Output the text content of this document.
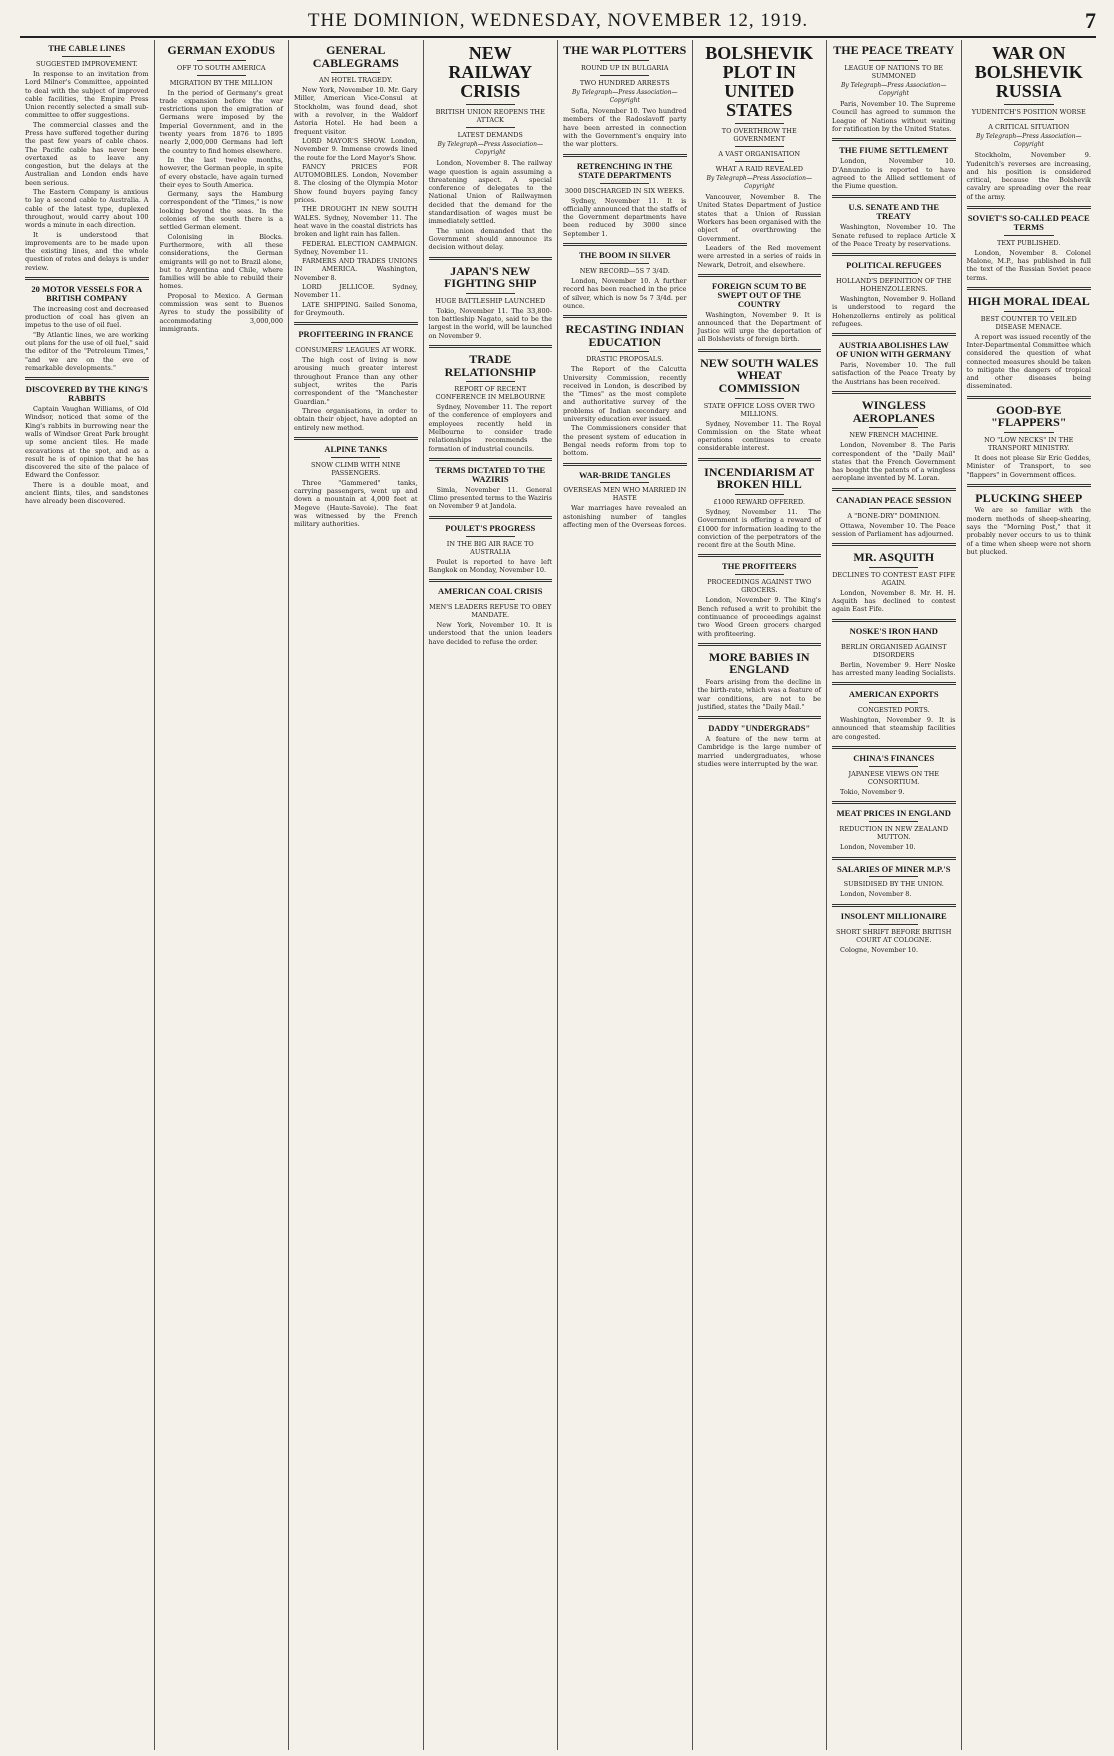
THE DOMINION, WEDNESDAY, NOVEMBER 12, 1919.	7
THE CABLE LINES
SUGGESTED IMPROVEMENT.

In response to an invitation from Lord Milner's Committee, appointed to deal with the subject of improved cable facilities, the Empire Press Union recently selected a small sub-committee to offer suggestions.

The commercial classes and the Press have suffered together during the past few years of cable chaos. The Pacific cable has never been overtaxed as to leave any congestion, but the delays at the Australian and London ends have been serious.

The Eastern Company is anxious to lay a second cable to Australia. A cable of the latest type, duplexed throughout, would carry about 100 words a minute in each direction.

It is understood that improvements are to be made upon the existing lines, and the whole question of rates and delays is under review.

20 MOTOR VESSELS FOR A BRITISH COMPANY

The increasing cost and decreased production of coal has given an impetus to the use of oil fuel.

"By Atlantic lines, we are working out plans for the use of oil fuel," said the editor of the "Petroleum Times," "and we are on the eve of remarkable developments."

DISCOVERED BY THE KING'S RABBITS

Captain Vaughan Williams, of Old Windsor, noticed that some of the King's rabbits in burrowing near the walls of Windsor Great Park brought up some ancient tiles. He made excavations at the spot, and as a result he is of opinion that he has discovered the site of the palace of Edward the Confessor.

There is a double moat, and ancient flints, tiles, and sandstones have already been discovered.

GERMAN EXODUS
OFF TO SOUTH AMERICA
MIGRATION BY THE MILLION

In the period of Germany's great trade expansion before the war restrictions upon the emigration of Germans were imposed by the Imperial Government, and in the twenty years from 1876 to 1895 nearly 2,000,000 Germans had left the country to find homes elsewhere.

In the last twelve months, however, the German people, in spite of every obstacle, have again turned their eyes to South America.

Germany, says the Hamburg correspondent of the "Times," is now looking beyond the seas. In the colonies of the south there is a settled German element.

Colonising in Blocks. Furthermore, with all these considerations, the German emigrants will go not to Brazil alone, but to Argentina and Chile, where families will be able to rebuild their homes.

Proposal to Mexico. A German commission was sent to Buenos Ayres to study the possibility of accommodating 3,000,000 immigrants.

GENERAL CABLEGRAMS
AN HOTEL TRAGEDY.

New York, November 10. Mr. Gary Miller, American Vice-Consul at Stockholm, was found dead, shot with a revolver, in the Waldorf Astoria Hotel. He had been a frequent visitor.

LORD MAYOR'S SHOW. London, November 9. Immense crowds lined the route for the Lord Mayor's Show.

FANCY PRICES FOR AUTOMOBILES. London, November 8. The closing of the Olympia Motor Show found buyers paying fancy prices.

THE DROUGHT IN NEW SOUTH WALES. Sydney, November 11. The heat wave in the coastal districts has broken and light rain has fallen.

FEDERAL ELECTION CAMPAIGN. Sydney, November 11.

FARMERS AND TRADES UNIONS IN AMERICA. Washington, November 8.

LORD JELLICOE. Sydney, November 11.

LATE SHIPPING. Sailed Sonoma, for Greymouth.

PROFITEERING IN FRANCE
CONSUMERS' LEAGUES AT WORK.

The high cost of living is now arousing much greater interest throughout France than any other subject, writes the Paris correspondent of the "Manchester Guardian."

Three organisations, in order to obtain their object, have adopted an entirely new method.

ALPINE TANKS
SNOW CLIMB WITH NINE PASSENGERS.

Three "Gammered" tanks, carrying passengers, went up and down a mountain at 4,000 feet at Megeve (Haute-Savoie). The feat was witnessed by the French military authorities.

NEW RAILWAY CRISIS
BRITISH UNION REOPENS THE ATTACK
LATEST DEMANDS
By Telegraph—Press Association—Copyright

London, November 8. The railway wage question is again assuming a threatening aspect. A special conference of delegates to the National Union of Railwaymen decided that the demand for the standardisation of wages must be immediately settled.

The union demanded that the Government should announce its decision without delay.

JAPAN'S NEW FIGHTING SHIP
HUGE BATTLESHIP LAUNCHED

Tokio, November 11. The 33,800-ton battleship Nagato, said to be the largest in the world, will be launched on November 9.

TRADE RELATIONSHIP
REPORT OF RECENT CONFERENCE IN MELBOURNE

Sydney, November 11. The report of the conference of employers and employees recently held in Melbourne to consider trade relationships recommends the formation of industrial councils.

TERMS DICTATED TO THE WAZIRIS

Simla, November 11. General Climo presented terms to the Waziris on November 9 at Jandola.

POULET'S PROGRESS
IN THE BIG AIR RACE TO AUSTRALIA

Poulet is reported to have left Bangkok on Monday, November 10.

AMERICAN COAL CRISIS
MEN'S LEADERS REFUSE TO OBEY MANDATE.

New York, November 10. It is understood that the union leaders have decided to refuse the order.

THE WAR PLOTTERS
ROUND UP IN BULGARIA
TWO HUNDRED ARRESTS
By Telegraph—Press Association—Copyright

Sofia, November 10. Two hundred members of the Radoslavoff party have been arrested in connection with the Government's enquiry into the war plotters.

RETRENCHING IN THE STATE DEPARTMENTS
3000 DISCHARGED IN SIX WEEKS.

Sydney, November 11. It is officially announced that the staffs of the Government departments have been reduced by 3000 since September 1.

THE BOOM IN SILVER
NEW RECORD—5S 7 3/4D.

London, November 10. A further record has been reached in the price of silver, which is now 5s 7 3/4d. per ounce.

RECASTING INDIAN EDUCATION
DRASTIC PROPOSALS.

The Report of the Calcutta University Commission, recently received in London, is described by the "Times" as the most complete and authoritative survey of the problems of Indian secondary and university education ever issued.

The Commissioners consider that the present system of education in Bengal needs reform from top to bottom.

WAR-BRIDE TANGLES
OVERSEAS MEN WHO MARRIED IN HASTE

War marriages have revealed an astonishing number of tangles affecting men of the Overseas forces.

BOLSHEVIK PLOT IN UNITED STATES
TO OVERTHROW THE GOVERNMENT
A VAST ORGANISATION
WHAT A RAID REVEALED
By Telegraph—Press Association—Copyright

Vancouver, November 8. The United States Department of Justice states that a Union of Russian Workers has been organised with the object of overthrowing the Government.

Leaders of the Red movement were arrested in a series of raids in Newark, Detroit, and elsewhere.

FOREIGN SCUM TO BE SWEPT OUT OF THE COUNTRY

Washington, November 9. It is announced that the Department of Justice will urge the deportation of all Bolshevists of foreign birth.

NEW SOUTH WALES WHEAT COMMISSION
STATE OFFICE LOSS OVER TWO MILLIONS.

Sydney, November 11. The Royal Commission on the State wheat operations continues to create considerable interest.

INCENDIARISM AT BROKEN HILL
£1000 REWARD OFFERED.

Sydney, November 11. The Government is offering a reward of £1000 for information leading to the conviction of the perpetrators of the recent fire at the South Mine.

THE PROFITEERS
PROCEEDINGS AGAINST TWO GROCERS.

London, November 9. The King's Bench refused a writ to prohibit the continuance of proceedings against two Wood Green grocers charged with profiteering.

MORE BABIES IN ENGLAND

Fears arising from the decline in the birth-rate, which was a feature of war conditions, are not to be justified, states the "Daily Mail."

DADDY "UNDERGRADS"

A feature of the new term at Cambridge is the large number of married undergraduates, whose studies were interrupted by the war.

THE PEACE TREATY
LEAGUE OF NATIONS TO BE SUMMONED
By Telegraph—Press Association—Copyright

Paris, November 10. The Supreme Council has agreed to summon the League of Nations without waiting for ratification by the United States.

THE FIUME SETTLEMENT

London, November 10. D'Annunzio is reported to have agreed to the Allied settlement of the Fiume question.

U.S. SENATE AND THE TREATY

Washington, November 10. The Senate refused to replace Article X of the Peace Treaty by reservations.

POLITICAL REFUGEES
HOLLAND'S DEFINITION OF THE HOHENZOLLERNS.

Washington, November 9. Holland is understood to regard the Hohenzollerns entirely as political refugees.

AUSTRIA ABOLISHES LAW OF UNION WITH GERMANY

Paris, November 10. The full satisfaction of the Peace Treaty by the Austrians has been received.

WINGLESS AEROPLANES
NEW FRENCH MACHINE.

London, November 8. The Paris correspondent of the "Daily Mail" states that the French Government has bought the patents of a wingless aeroplane invented by M. Loran.

CANADIAN PEACE SESSION
A "BONE-DRY" DOMINION.

Ottawa, November 10. The Peace session of Parliament has adjourned.

MR. ASQUITH
DECLINES TO CONTEST EAST FIFE AGAIN.

London, November 8. Mr. H. H. Asquith has declined to contest again East Fife.

NOSKE'S IRON HAND
BERLIN ORGANISED AGAINST DISORDERS

Berlin, November 9. Herr Noske has arrested many leading Socialists.

AMERICAN EXPORTS
CONGESTED PORTS.

Washington, November 9. It is announced that steamship facilities are congested.

CHINA'S FINANCES
JAPANESE VIEWS ON THE CONSORTIUM.

Tokio, November 9.

MEAT PRICES IN ENGLAND
REDUCTION IN NEW ZEALAND MUTTON.

London, November 10.

SALARIES OF MINER M.P.'S
SUBSIDISED BY THE UNION.

London, November 8.

INSOLENT MILLIONAIRE
SHORT SHRIFT BEFORE BRITISH COURT AT COLOGNE.

Cologne, November 10.

WAR ON BOLSHEVIK RUSSIA
YUDENITCH'S POSITION WORSE
A CRITICAL SITUATION
By Telegraph—Press Association—Copyright

Stockholm, November 9. Yudenitch's reverses are increasing, and his position is considered critical, because the Bolshevik cavalry are spreading over the rear of the army.

SOVIET'S SO-CALLED PEACE TERMS
TEXT PUBLISHED.

London, November 8. Colonel Malone, M.P., has published in full the text of the Russian Soviet peace terms.

HIGH MORAL IDEAL
BEST COUNTER TO VEILED DISEASE MENACE.

A report was issued recently of the Inter-Departmental Committee which considered the question of what connected measures should be taken to mitigate the dangers of tropical and other diseases being disseminated.

GOOD-BYE "FLAPPERS"
NO "LOW NECKS" IN THE TRANSPORT MINISTRY.

It does not please Sir Eric Geddes, Minister of Transport, to see "flappers" in Government offices.

PLUCKING SHEEP

We are so familiar with the modern methods of sheep-shearing, says the "Morning Post," that it probably never occurs to us to think of a time when sheep were not shorn but plucked.
